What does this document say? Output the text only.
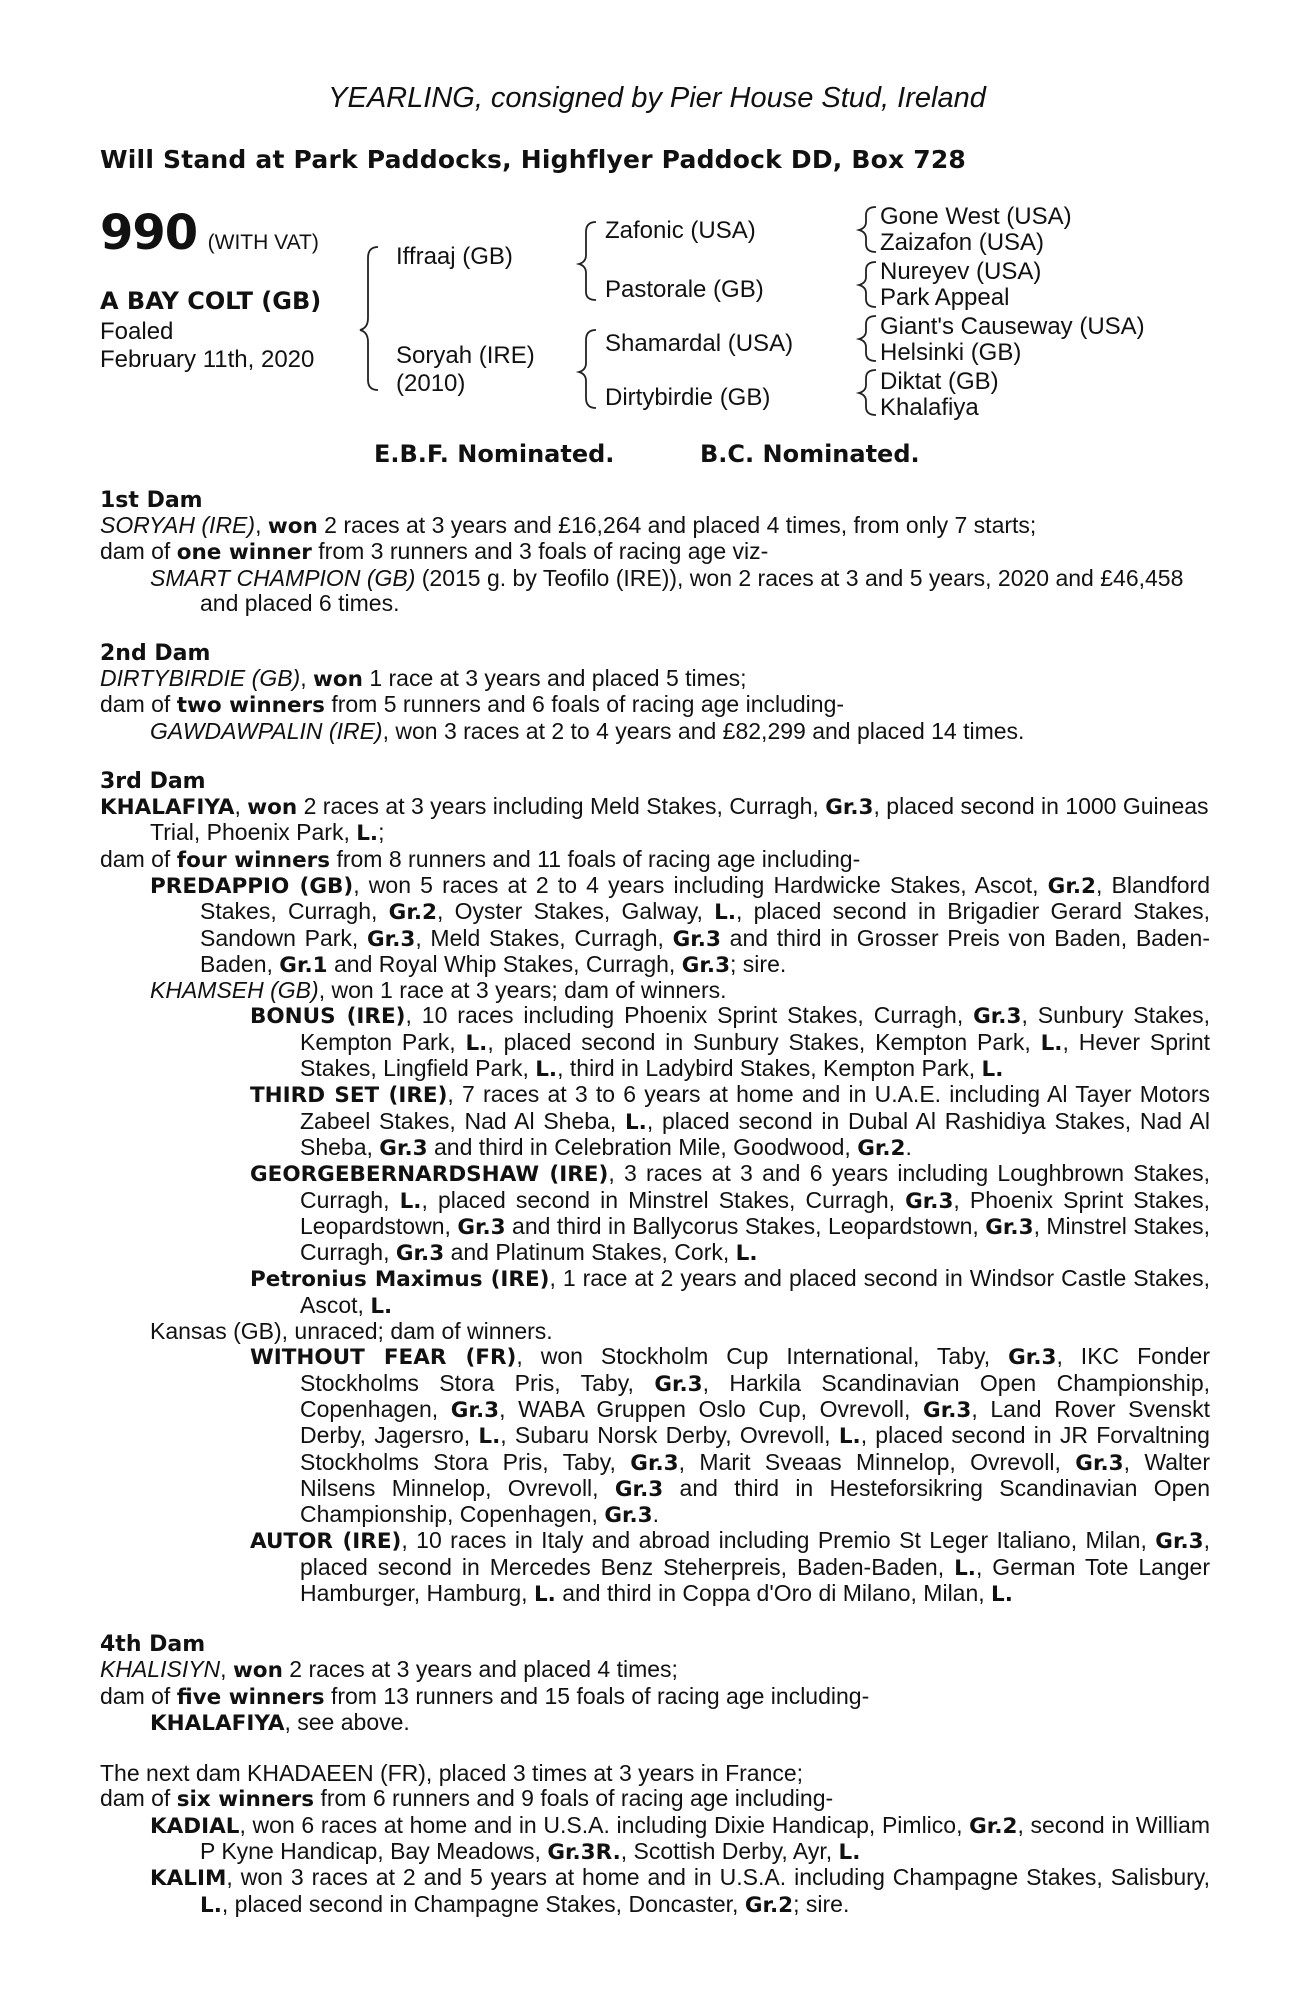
YEARLING, consigned by Pier House Stud, Ireland
Will Stand at Park Paddocks, Highflyer Paddock DD, Box 728
990 (WITH VAT)
A BAY COLT (GB)
Foaled
February 11th, 2020
Iffraaj (GB)
Soryah (IRE)
(2010)
Zafonic (USA)
Pastorale (GB)
Shamardal (USA)
Dirtybirdie (GB)
Gone West (USA)
Zaizafon (USA)
Nureyev (USA)
Park Appeal
Giant's Causeway (USA)
Helsinki (GB)
Diktat (GB)
Khalafiya
E.B.F. Nominated.	B.C. Nominated.
1st Dam

SORYAH (IRE), won 2 races at 3 years and £16,264 and placed 4 times, from only 7 starts;

dam of one winner from 3 runners and 3 foals of racing age viz-

SMART CHAMPION (GB) (2015 g. by Teofilo (IRE)), won 2 races at 3 and 5 years, 2020 and £46,458 and placed 6 times.

2nd Dam

DIRTYBIRDIE (GB), won 1 race at 3 years and placed 5 times;

dam of two winners from 5 runners and 6 foals of racing age including-

GAWDAWPALIN (IRE), won 3 races at 2 to 4 years and £82,299 and placed 14 times.

3rd Dam

KHALAFIYA, won 2 races at 3 years including Meld Stakes, Curragh, Gr.3, placed second in 1000 Guineas Trial, Phoenix Park, L.;

dam of four winners from 8 runners and 11 foals of racing age including-

PREDAPPIO (GB), won 5 races at 2 to 4 years including Hardwicke Stakes, Ascot, Gr.2, Blandford Stakes, Curragh, Gr.2, Oyster Stakes, Galway, L., placed second in Brigadier Gerard Stakes, Sandown Park, Gr.3, Meld Stakes, Curragh, Gr.3 and third in Grosser Preis von Baden, Baden-Baden, Gr.1 and Royal Whip Stakes, Curragh, Gr.3; sire.

KHAMSEH (GB), won 1 race at 3 years; dam of winners.

BONUS (IRE), 10 races including Phoenix Sprint Stakes, Curragh, Gr.3, Sunbury Stakes, Kempton Park, L., placed second in Sunbury Stakes, Kempton Park, L., Hever Sprint Stakes, Lingfield Park, L., third in Ladybird Stakes, Kempton Park, L.

THIRD SET (IRE), 7 races at 3 to 6 years at home and in U.A.E. including Al Tayer Motors Zabeel Stakes, Nad Al Sheba, L., placed second in Dubal Al Rashidiya Stakes, Nad Al Sheba, Gr.3 and third in Celebration Mile, Goodwood, Gr.2.

GEORGEBERNARDSHAW (IRE), 3 races at 3 and 6 years including Loughbrown Stakes, Curragh, L., placed second in Minstrel Stakes, Curragh, Gr.3, Phoenix Sprint Stakes, Leopardstown, Gr.3 and third in Ballycorus Stakes, Leopardstown, Gr.3, Minstrel Stakes, Curragh, Gr.3 and Platinum Stakes, Cork, L.

Petronius Maximus (IRE), 1 race at 2 years and placed second in Windsor Castle Stakes, Ascot, L.

Kansas (GB), unraced; dam of winners.

WITHOUT FEAR (FR), won Stockholm Cup International, Taby, Gr.3, IKC Fonder Stockholms Stora Pris, Taby, Gr.3, Harkila Scandinavian Open Championship, Copenhagen, Gr.3, WABA Gruppen Oslo Cup, Ovrevoll, Gr.3, Land Rover Svenskt Derby, Jagersro, L., Subaru Norsk Derby, Ovrevoll, L., placed second in JR Forvaltning Stockholms Stora Pris, Taby, Gr.3, Marit Sveaas Minnelop, Ovrevoll, Gr.3, Walter Nilsens Minnelop, Ovrevoll, Gr.3 and third in Hesteforsikring Scandinavian Open Championship, Copenhagen, Gr.3.

AUTOR (IRE), 10 races in Italy and abroad including Premio St Leger Italiano, Milan, Gr.3, placed second in Mercedes Benz Steherpreis, Baden-Baden, L., German Tote Langer Hamburger, Hamburg, L. and third in Coppa d'Oro di Milano, Milan, L.

4th Dam

KHALISIYN, won 2 races at 3 years and placed 4 times;

dam of five winners from 13 runners and 15 foals of racing age including-

KHALAFIYA, see above.

The next dam KHADAEEN (FR), placed 3 times at 3 years in France;

dam of six winners from 6 runners and 9 foals of racing age including-

KADIAL, won 6 races at home and in U.S.A. including Dixie Handicap, Pimlico, Gr.2, second in William P Kyne Handicap, Bay Meadows, Gr.3R., Scottish Derby, Ayr, L.

KALIM, won 3 races at 2 and 5 years at home and in U.S.A. including Champagne Stakes, Salisbury, L., placed second in Champagne Stakes, Doncaster, Gr.2; sire.
